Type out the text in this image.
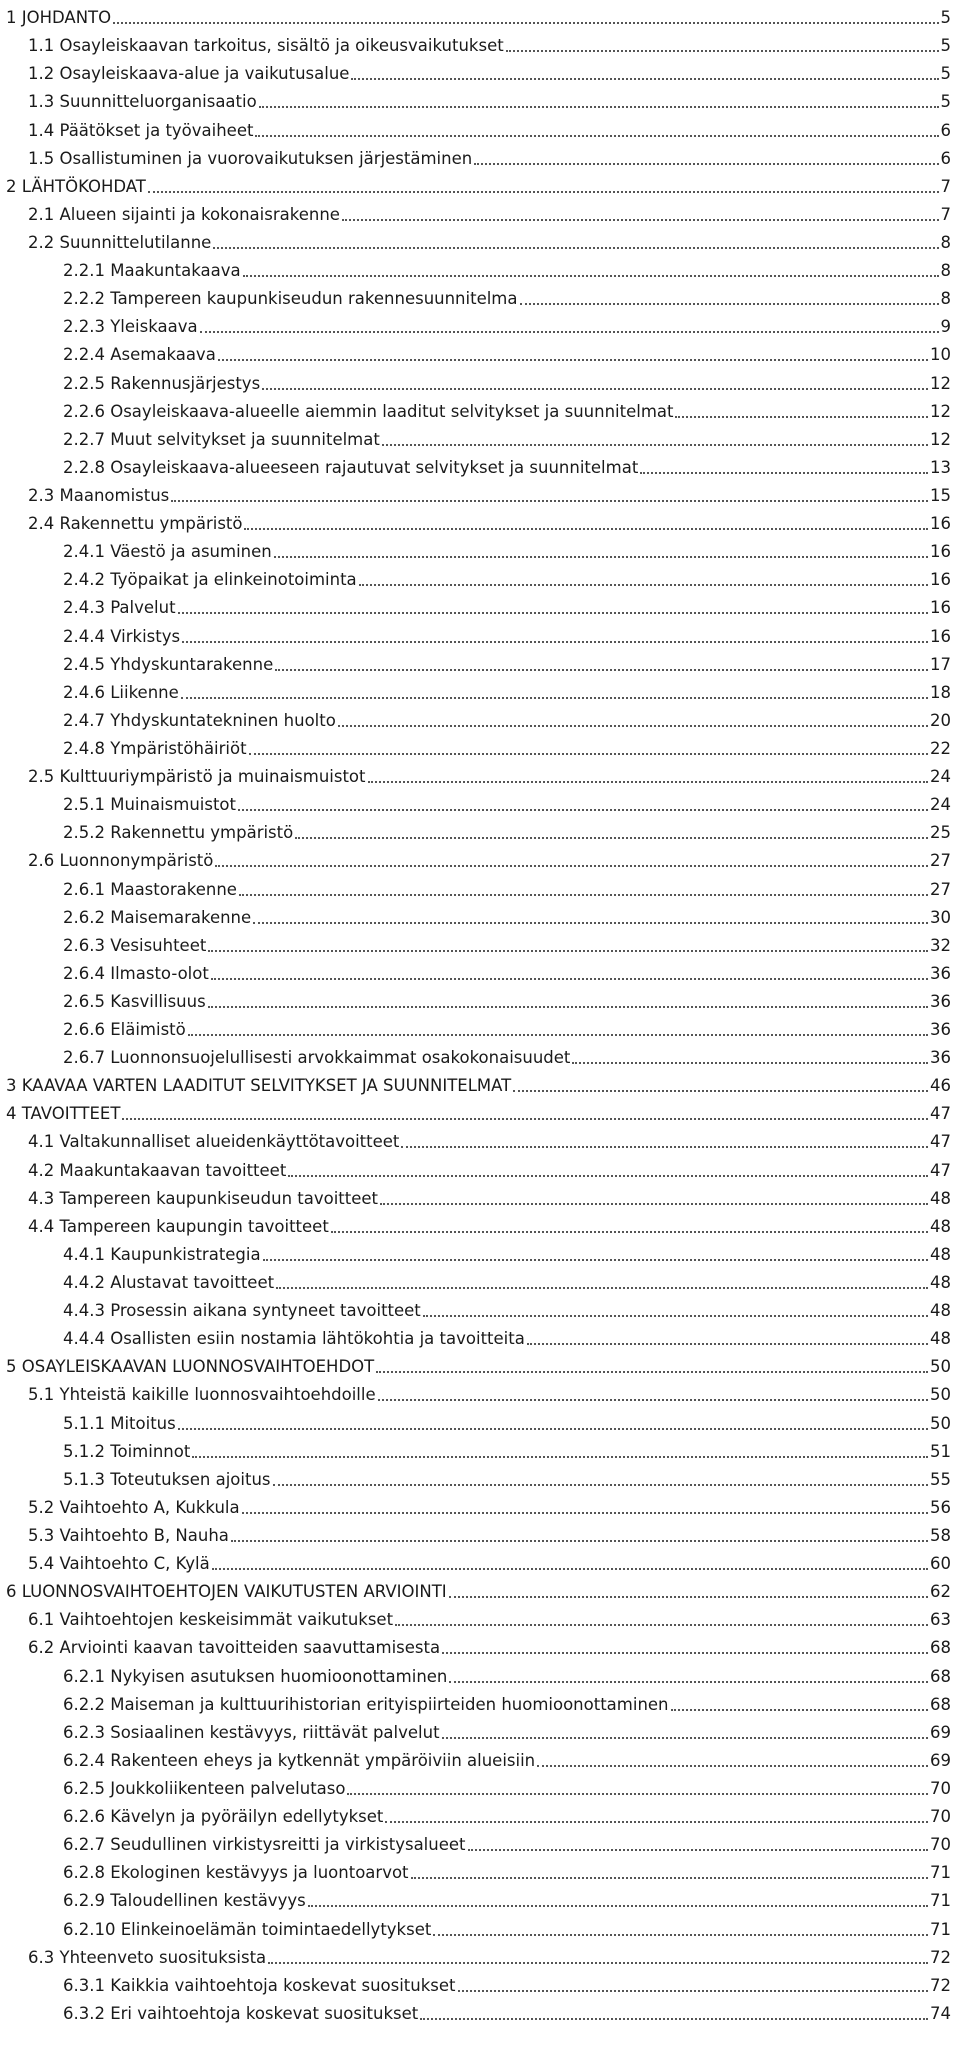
1 JOHDANTO	5
1.1 Osayleiskaavan tarkoitus, sisältö ja oikeusvaikutukset	5
1.2 Osayleiskaava-alue ja vaikutusalue	5
1.3 Suunnitteluorganisaatio	5
1.4 Päätökset ja työvaiheet	6
1.5 Osallistuminen ja vuorovaikutuksen järjestäminen	6
2 LÄHTÖKOHDAT	7
2.1 Alueen sijainti ja kokonaisrakenne	7
2.2 Suunnittelutilanne	8
2.2.1 Maakuntakaava	8
2.2.2 Tampereen kaupunkiseudun rakennesuunnitelma	8
2.2.3 Yleiskaava	9
2.2.4 Asemakaava	10
2.2.5 Rakennusjärjestys	12
2.2.6 Osayleiskaava-alueelle aiemmin laaditut selvitykset ja suunnitelmat	12
2.2.7 Muut selvitykset ja suunnitelmat	12
2.2.8 Osayleiskaava-alueeseen rajautuvat selvitykset ja suunnitelmat	13
2.3 Maanomistus	15
2.4 Rakennettu ympäristö	16
2.4.1 Väestö ja asuminen	16
2.4.2 Työpaikat ja elinkeinotoiminta	16
2.4.3 Palvelut	16
2.4.4 Virkistys	16
2.4.5 Yhdyskuntarakenne	17
2.4.6 Liikenne	18
2.4.7 Yhdyskuntatekninen huolto	20
2.4.8 Ympäristöhäiriöt	22
2.5 Kulttuuriympäristö ja muinaismuistot	24
2.5.1 Muinaismuistot	24
2.5.2 Rakennettu ympäristö	25
2.6 Luonnonympäristö	27
2.6.1 Maastorakenne	27
2.6.2 Maisemarakenne	30
2.6.3 Vesisuhteet	32
2.6.4 Ilmasto-olot	36
2.6.5 Kasvillisuus	36
2.6.6 Eläimistö	36
2.6.7 Luonnonsuojelullisesti arvokkaimmat osakokonaisuudet	36
3 KAAVAA VARTEN LAADITUT SELVITYKSET JA SUUNNITELMAT	46
4 TAVOITTEET	47
4.1 Valtakunnalliset alueidenkäyttötavoitteet	47
4.2 Maakuntakaavan tavoitteet	47
4.3 Tampereen kaupunkiseudun tavoitteet	48
4.4 Tampereen kaupungin tavoitteet	48
4.4.1 Kaupunkistrategia	48
4.4.2 Alustavat tavoitteet	48
4.4.3 Prosessin aikana syntyneet tavoitteet	48
4.4.4 Osallisten esiin nostamia lähtökohtia ja tavoitteita	48
5 OSAYLEISKAAVAN LUONNOSVAIHTOEHDOT	50
5.1 Yhteistä kaikille luonnosvaihtoehdoille	50
5.1.1 Mitoitus	50
5.1.2 Toiminnot	51
5.1.3 Toteutuksen ajoitus	55
5.2 Vaihtoehto A, Kukkula	56
5.3 Vaihtoehto B, Nauha	58
5.4 Vaihtoehto C, Kylä	60
6 LUONNOSVAIHTOEHTOJEN VAIKUTUSTEN ARVIOINTI	62
6.1 Vaihtoehtojen keskeisimmät vaikutukset	63
6.2 Arviointi kaavan tavoitteiden saavuttamisesta	68
6.2.1 Nykyisen asutuksen huomioonottaminen	68
6.2.2 Maiseman ja kulttuurihistorian erityispiirteiden huomioonottaminen	68
6.2.3 Sosiaalinen kestävyys, riittävät palvelut	69
6.2.4 Rakenteen eheys ja kytkennät ympäröiviin alueisiin	69
6.2.5 Joukkoliikenteen palvelutaso	70
6.2.6 Kävelyn ja pyöräilyn edellytykset	70
6.2.7 Seudullinen virkistysreitti ja virkistysalueet	70
6.2.8 Ekologinen kestävyys ja luontoarvot	71
6.2.9 Taloudellinen kestävyys	71
6.2.10 Elinkeinoelämän toimintaedellytykset	71
6.3 Yhteenveto suosituksista	72
6.3.1 Kaikkia vaihtoehtoja koskevat suositukset	72
6.3.2 Eri vaihtoehtoja koskevat suositukset	74
